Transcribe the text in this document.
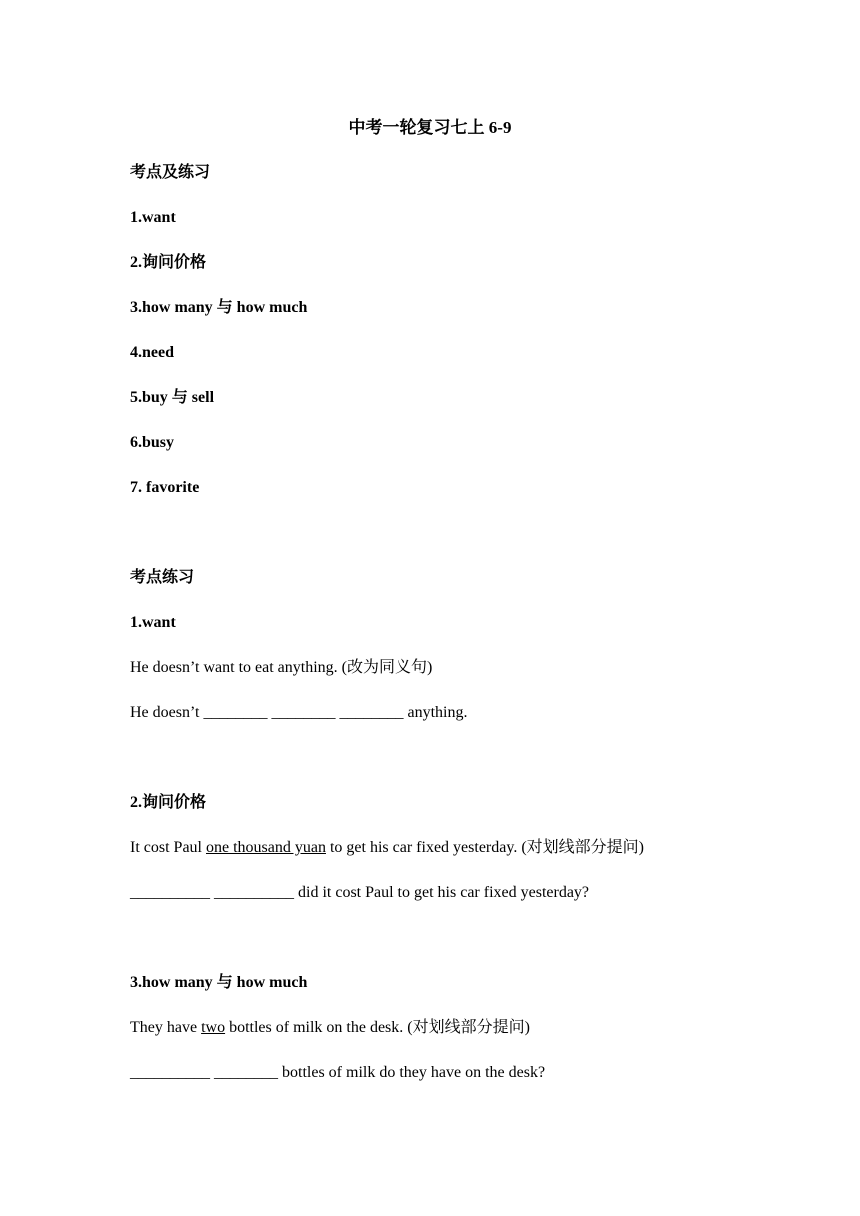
中考一轮复习七上 6-9
考点及练习
1.want
2.询问价格
3.how many 与 how much
4.need
5.buy 与 sell
6.busy
7. favorite
考点练习
1.want
He doesn’t want to eat anything. (改为同义句)
He doesn’t ________ ________ ________ anything.
2.询问价格
It cost Paul one thousand yuan to get his car fixed yesterday. (对划线部分提问)
__________ __________ did it cost Paul to get his car fixed yesterday?
3.how many 与 how much
They have two bottles of milk on the desk. (对划线部分提问)
__________ ________ bottles of milk do they have on the desk?
